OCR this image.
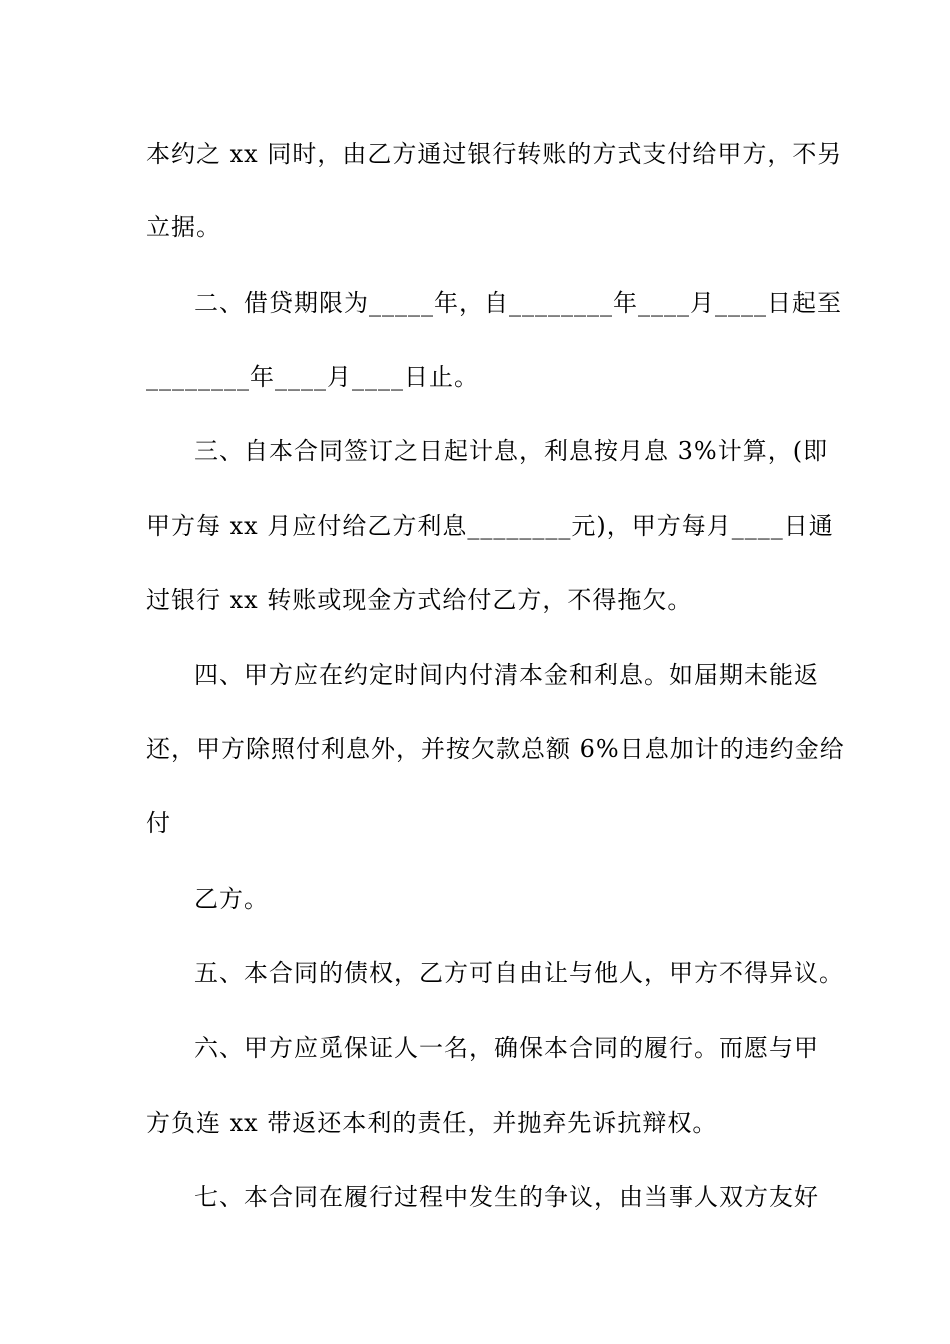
本约之 xx 同时，由乙方通过银行转账的方式支付给甲方，不另
立据。
二、借贷期限为_____年，自________年____月____日起至
________年____月____日止。
三、自本合同签订之日起计息，利息按月息 3%计算，(即
甲方每 xx 月应付给乙方利息________元)，甲方每月____日通
过银行 xx 转账或现金方式给付乙方，不得拖欠。
四、甲方应在约定时间内付清本金和利息。如届期未能返
还，甲方除照付利息外，并按欠款总额 6%日息加计的违约金给
付
乙方。
五、本合同的债权，乙方可自由让与他人，甲方不得异议。
六、甲方应觅保证人一名，确保本合同的履行。而愿与甲
方负连 xx 带返还本利的责任，并抛弃先诉抗辩权。
七、本合同在履行过程中发生的争议，由当事人双方友好
